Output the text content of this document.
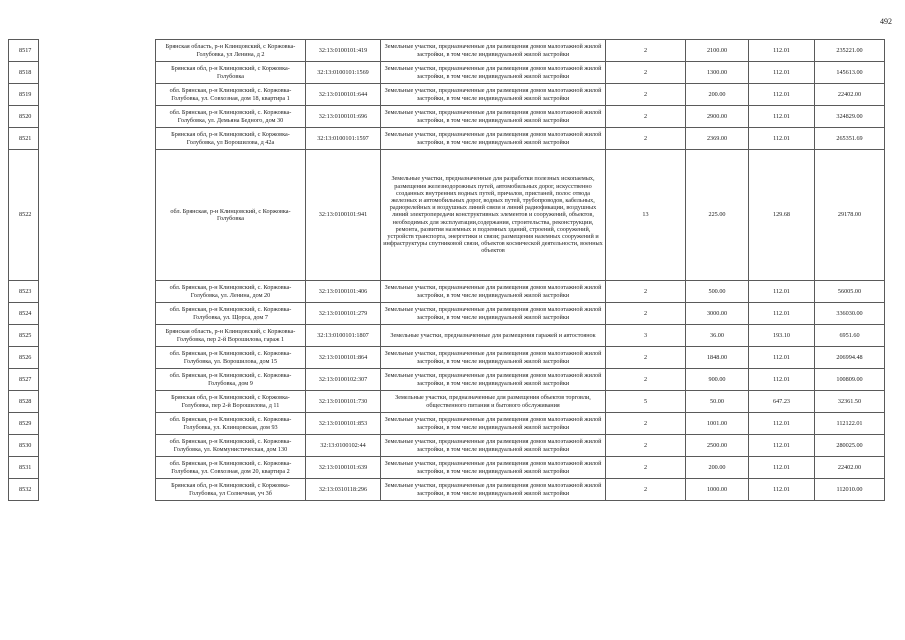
492
8517		Брянская область, р-н Клинцовский, с Коржовка-Голубовка, ул Ленина, д 2	32:13:0100101:419	Земельные участки, предназначенные для размещения домов малоэтажной жилой застройки, в том числе индивидуальной жилой застройки	2	2100.00	112.01	235221.00
8518		Брянская обл, р-н Клинцовский, с Коржовка-Голубовка	32:13:0100101:1569	Земельные участки, предназначенные для размещения домов малоэтажной жилой застройки, в том числе индивидуальной жилой застройки	2	1300.00	112.01	145613.00
8519		обл. Брянская, р-н Клинцовский, с. Коржовка-Голубовка, ул. Совхозная, дом 18, квартира 1	32:13:0100101:644	Земельные участки, предназначенные для размещения домов малоэтажной жилой застройки, в том числе индивидуальной жилой застройки	2	200.00	112.01	22402.00
8520		обл. Брянская, р-н Клинцовский, с. Коржовка-Голубовка, ул. Демьяна Бедного, дом 30	32:13:0100101:696	Земельные участки, предназначенные для размещения домов малоэтажной жилой застройки, в том числе индивидуальной жилой застройки	2	2900.00	112.01	324829.00
8521		Брянская обл, р-н Клинцовский, с Коржовка-Голубовка, ул Ворошилова, д 42а	32:13:0100101:1597	Земельные участки, предназначенные для размещения домов малоэтажной жилой застройки, в том числе индивидуальной жилой застройки	2	2369.00	112.01	265351.69
8522		обл. Брянская, р-н Клинцовский, с Коржовка-Голубовка	32:13:0100101:941	Земельные участки, предназначенные для разработки полезных ископаемых, размещения железнодорожных путей, автомобильных дорог, искусственно созданных внутренних водных путей, причалов, пристаней, полос отвода железных и автомобильных дорог, водных путей, трубопроводов, кабельных, радиорелейных и воздушных линий связи и линий радиофикации, воздушных линий электропередачи конструктивных элементов и сооружений, объектов, необходимых для эксплуатации,содержания, строительства, реконструкции, ремонта, развития наземных и подземных зданий, строений, сооружений, устройств транспорта, энергетики и связи; размещения наземных сооружений и инфраструктуры спутниковой связи, объектов космической деятельности, военных объектов	13	225.00	129.68	29178.00
8523		обл. Брянская, р-н Клинцовский, с. Коржовка-Голубовка, ул. Ленина, дом 20	32:13:0100101:406	Земельные участки, предназначенные для размещения домов малоэтажной жилой застройки, в том числе индивидуальной жилой застройки	2	500.00	112.01	56005.00
8524		обл. Брянская, р-н Клинцовский, с. Коржовка-Голубовка, ул. Щорса, дом 7	32:13:0100101:279	Земельные участки, предназначенные для размещения домов малоэтажной жилой застройки, в том числе индивидуальной жилой застройки	2	3000.00	112.01	336030.00
8525		Брянская область, р-н Клинцовский, с Коржовка-Голубовка, пер 2-й Ворошилова, гараж 1	32:13:0100101:1807	Земельные участки, предназначенные для размещения гаражей и автостоянок	3	36.00	193.10	6951.60
8526		обл. Брянская, р-н Клинцовский, с. Коржовка-Голубовка, ул. Ворошилова, дом 15	32:13:0100101:864	Земельные участки, предназначенные для размещения домов малоэтажной жилой застройки, в том числе индивидуальной жилой застройки	2	1848.00	112.01	206994.48
8527		обл. Брянская, р-н Клинцовский, с. Коржовка-Голубовка, дом 9	32:13:0100102:307	Земельные участки, предназначенные для размещения домов малоэтажной жилой застройки, в том числе индивидуальной жилой застройки	2	900.00	112.01	100809.00
8528		Брянская обл, р-н Клинцовский, с Коржовка-Голубовка, пер 2-й Ворошилова, д 11	32:13:0100101:730	Земельные участки, предназначенные для размещения объектов торговли, общественного питания и бытового обслуживания	5	50.00	647.23	32361.50
8529		обл. Брянская, р-н Клинцовский, с. Коржовка-Голубовка, ул. Клинцовская, дом 93	32:13:0100101:853	Земельные участки, предназначенные для размещения домов малоэтажной жилой застройки, в том числе индивидуальной жилой застройки	2	1001.00	112.01	112122.01
8530		обл. Брянская, р-н Клинцовский, с. Коржовка-Голубовка, ул. Коммунистическая, дом 130	32:13:0100102:44	Земельные участки, предназначенные для размещения домов малоэтажной жилой застройки, в том числе индивидуальной жилой застройки	2	2500.00	112.01	280025.00
8531		обл. Брянская, р-н Клинцовский, с. Коржовка-Голубовка, ул. Совхозная, дом 20, квартира 2	32:13:0100101:639	Земельные участки, предназначенные для размещения домов малоэтажной жилой застройки, в том числе индивидуальной жилой застройки	2	200.00	112.01	22402.00
8532		Брянская обл, р-н Клинцовский, с Коржовка-Голубовка, ул Солнечная, уч 3б	32:13:0310118:296	Земельные участки, предназначенные для размещения домов малоэтажной жилой застройки, в том числе индивидуальной жилой застройки	2	1000.00	112.01	112010.00
